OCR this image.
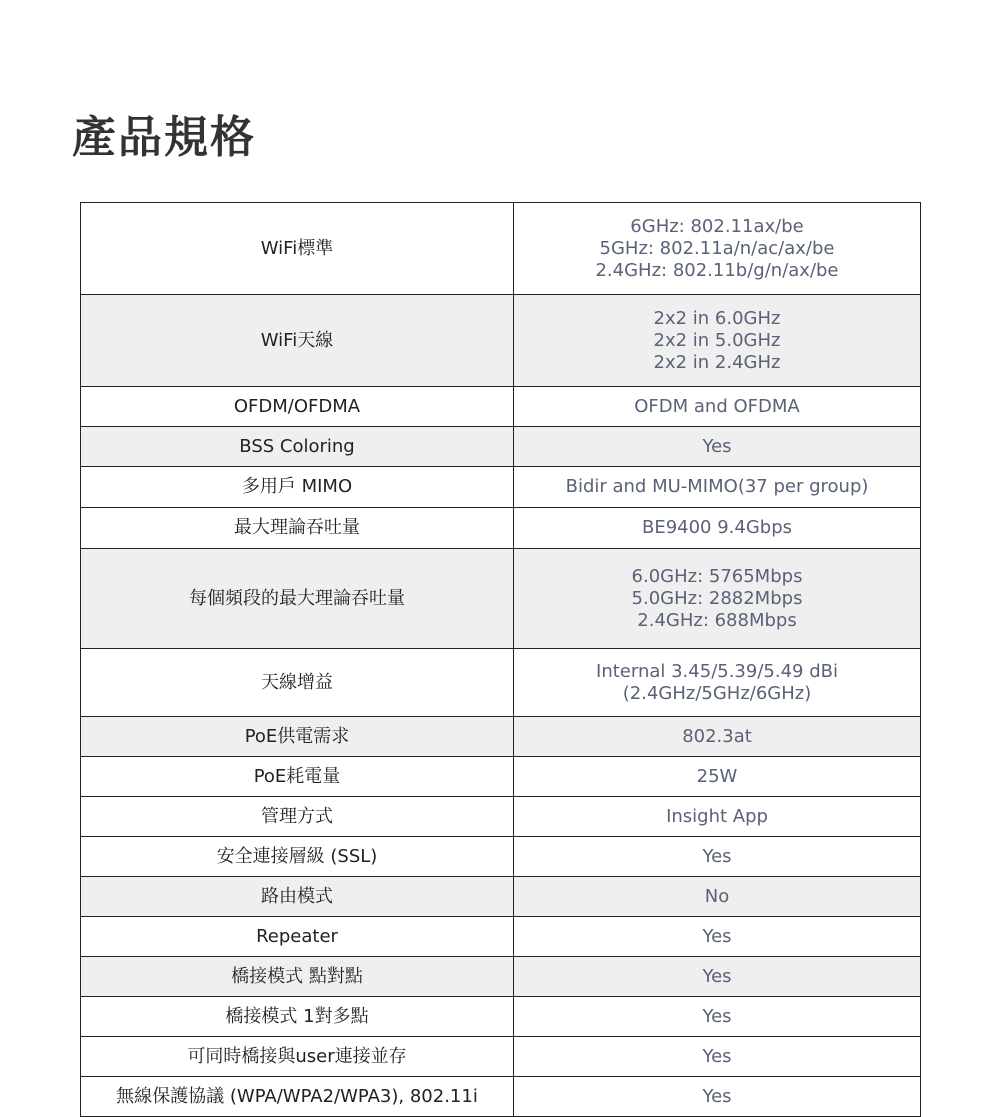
產品規格
WiFi標準	6GHz: 802.11ax/be
5GHz: 802.11a/n/ac/ax/be
2.4GHz: 802.11b/g/n/ax/be

WiFi天線	2x2 in 6.0GHz
2x2 in 5.0GHz
2x2 in 2.4GHz

OFDM/OFDMA	OFDM and OFDMA
BSS Coloring	Yes
多用戶 MIMO	Bidir and MU-MIMO(37 per group)
最大理論吞吐量	BE9400 9.4Gbps
每個頻段的最大理論吞吐量	6.0GHz: 5765Mbps
5.0GHz: 2882Mbps
2.4GHz: 688Mbps

天線增益	Internal 3.45/5.39/5.49 dBi
(2.4GHz/5GHz/6GHz)

PoE供電需求	802.3at
PoE耗電量	25W
管理方式	Insight App
安全連接層級 (SSL)	Yes
路由模式	No
Repeater	Yes
橋接模式 點對點	Yes
橋接模式 1對多點	Yes
可同時橋接與user連接並存	Yes
無線保護協議 (WPA/WPA2/WPA3), 802.11i	Yes
